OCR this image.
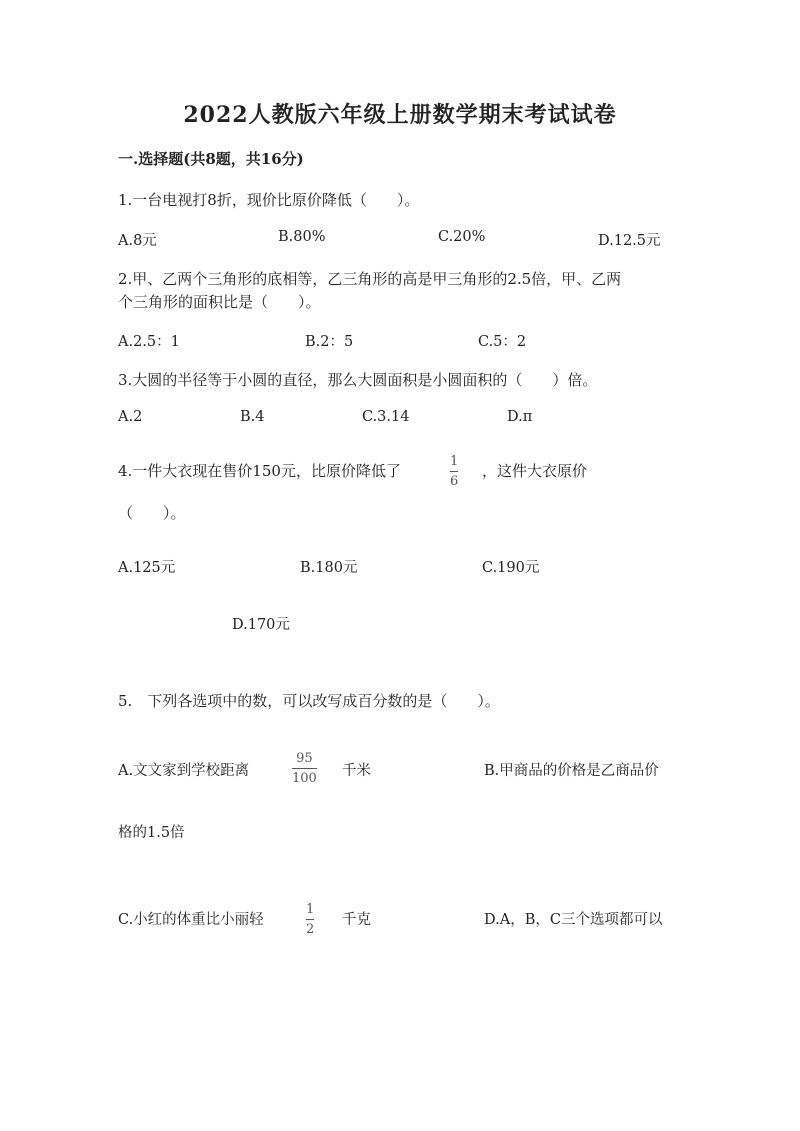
2022人教版六年级上册数学期末考试试卷
一.选择题(共8题，共16分)
1.一台电视打8折，现价比原价降低（　　）。
A.8元	B.80%	C.20%	D.12.5元
2.甲、乙两个三角形的底相等，乙三角形的高是甲三角形的2.5倍，甲、乙两
个三角形的面积比是（　　）。
A.2.5：1	B.2：5	C.5：2
3.大圆的半径等于小圆的直径，那么大圆面积是小圆面积的（　　）倍。
A.2	B.4	C.3.14	D.π
4.一件大衣现在售价150元，比原价降低了
1
6
，这件大衣原价
（　　）。
A.125元	B.180元	C.190元
D.170元
5.　下列各选项中的数，可以改写成百分数的是（　　）。
A.文文家到学校距离
95
100 千米	B.甲商品的价格是乙商品价
格的1.5倍
C.小红的体重比小丽轻
1
2
千克	D.A，B，C三个选项都可以
